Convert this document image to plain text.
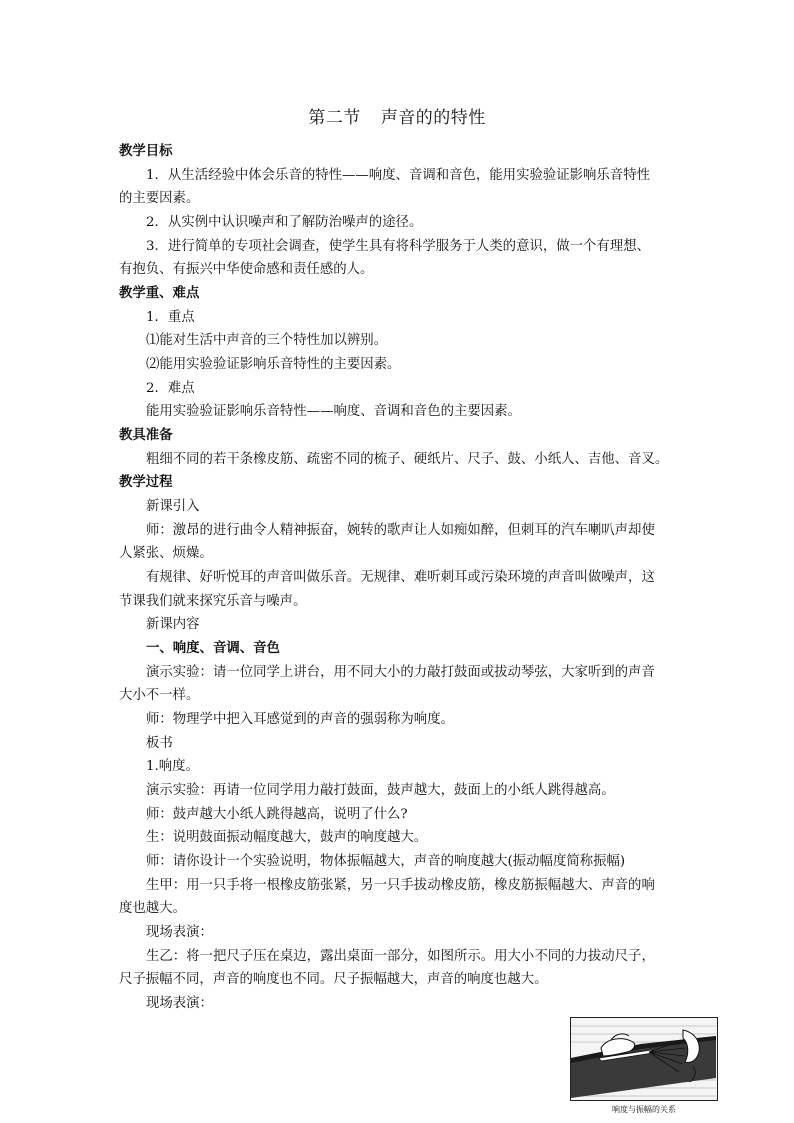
第二节 声音的的特性
教学目标
1．从生活经验中体会乐音的特性——响度、音调和音色，能用实验验证影响乐音特性
的主要因素。
2．从实例中认识噪声和了解防治噪声的途径。
3．进行简单的专项社会调查，使学生具有将科学服务于人类的意识，做一个有理想、
有抱负、有振兴中华使命感和责任感的人。
教学重、难点
1．重点
⑴能对生活中声音的三个特性加以辨别。
⑵能用实验验证影响乐音特性的主要因素。
2．难点
能用实验验证影响乐音特性——响度、音调和音色的主要因素。
教具准备
粗细不同的若干条橡皮筋、疏密不同的梳子、硬纸片、尺子、鼓、小纸人、吉他、音叉。
教学过程
新课引入
师：激昂的进行曲令人精神振奋，婉转的歌声让人如痴如醉，但刺耳的汽车喇叭声却使
人紧张、烦燥。
有规律、好听悦耳的声音叫做乐音。无规律、难听刺耳或污染环境的声音叫做噪声，这
节课我们就来探究乐音与噪声。
新课内容
一、响度、音调、音色
演示实验：请一位同学上讲台，用不同大小的力敲打鼓面或拔动琴弦，大家听到的声音
大小不一样。
师：物理学中把入耳感觉到的声音的强弱称为响度。
板书
1.响度。
演示实验：再请一位同学用力敲打鼓面，鼓声越大，鼓面上的小纸人跳得越高。
师：鼓声越大小纸人跳得越高，说明了什么?
生：说明鼓面振动幅度越大，鼓声的响度越大。
师：请你设计一个实验说明，物体振幅越大，声音的响度越大(振动幅度简称振幅)
生甲：用一只手将一根橡皮筋张紧，另一只手拔动橡皮筋，橡皮筋振幅越大、声音的响
度也越大。
现场表演：
生乙：将一把尺子压在桌边，露出桌面一部分，如图所示。用大小不同的力拔动尺子，
尺子振幅不同，声音的响度也不同。尺子振幅越大，声音的响度也越大。
现场表演：
响度与振幅的关系
